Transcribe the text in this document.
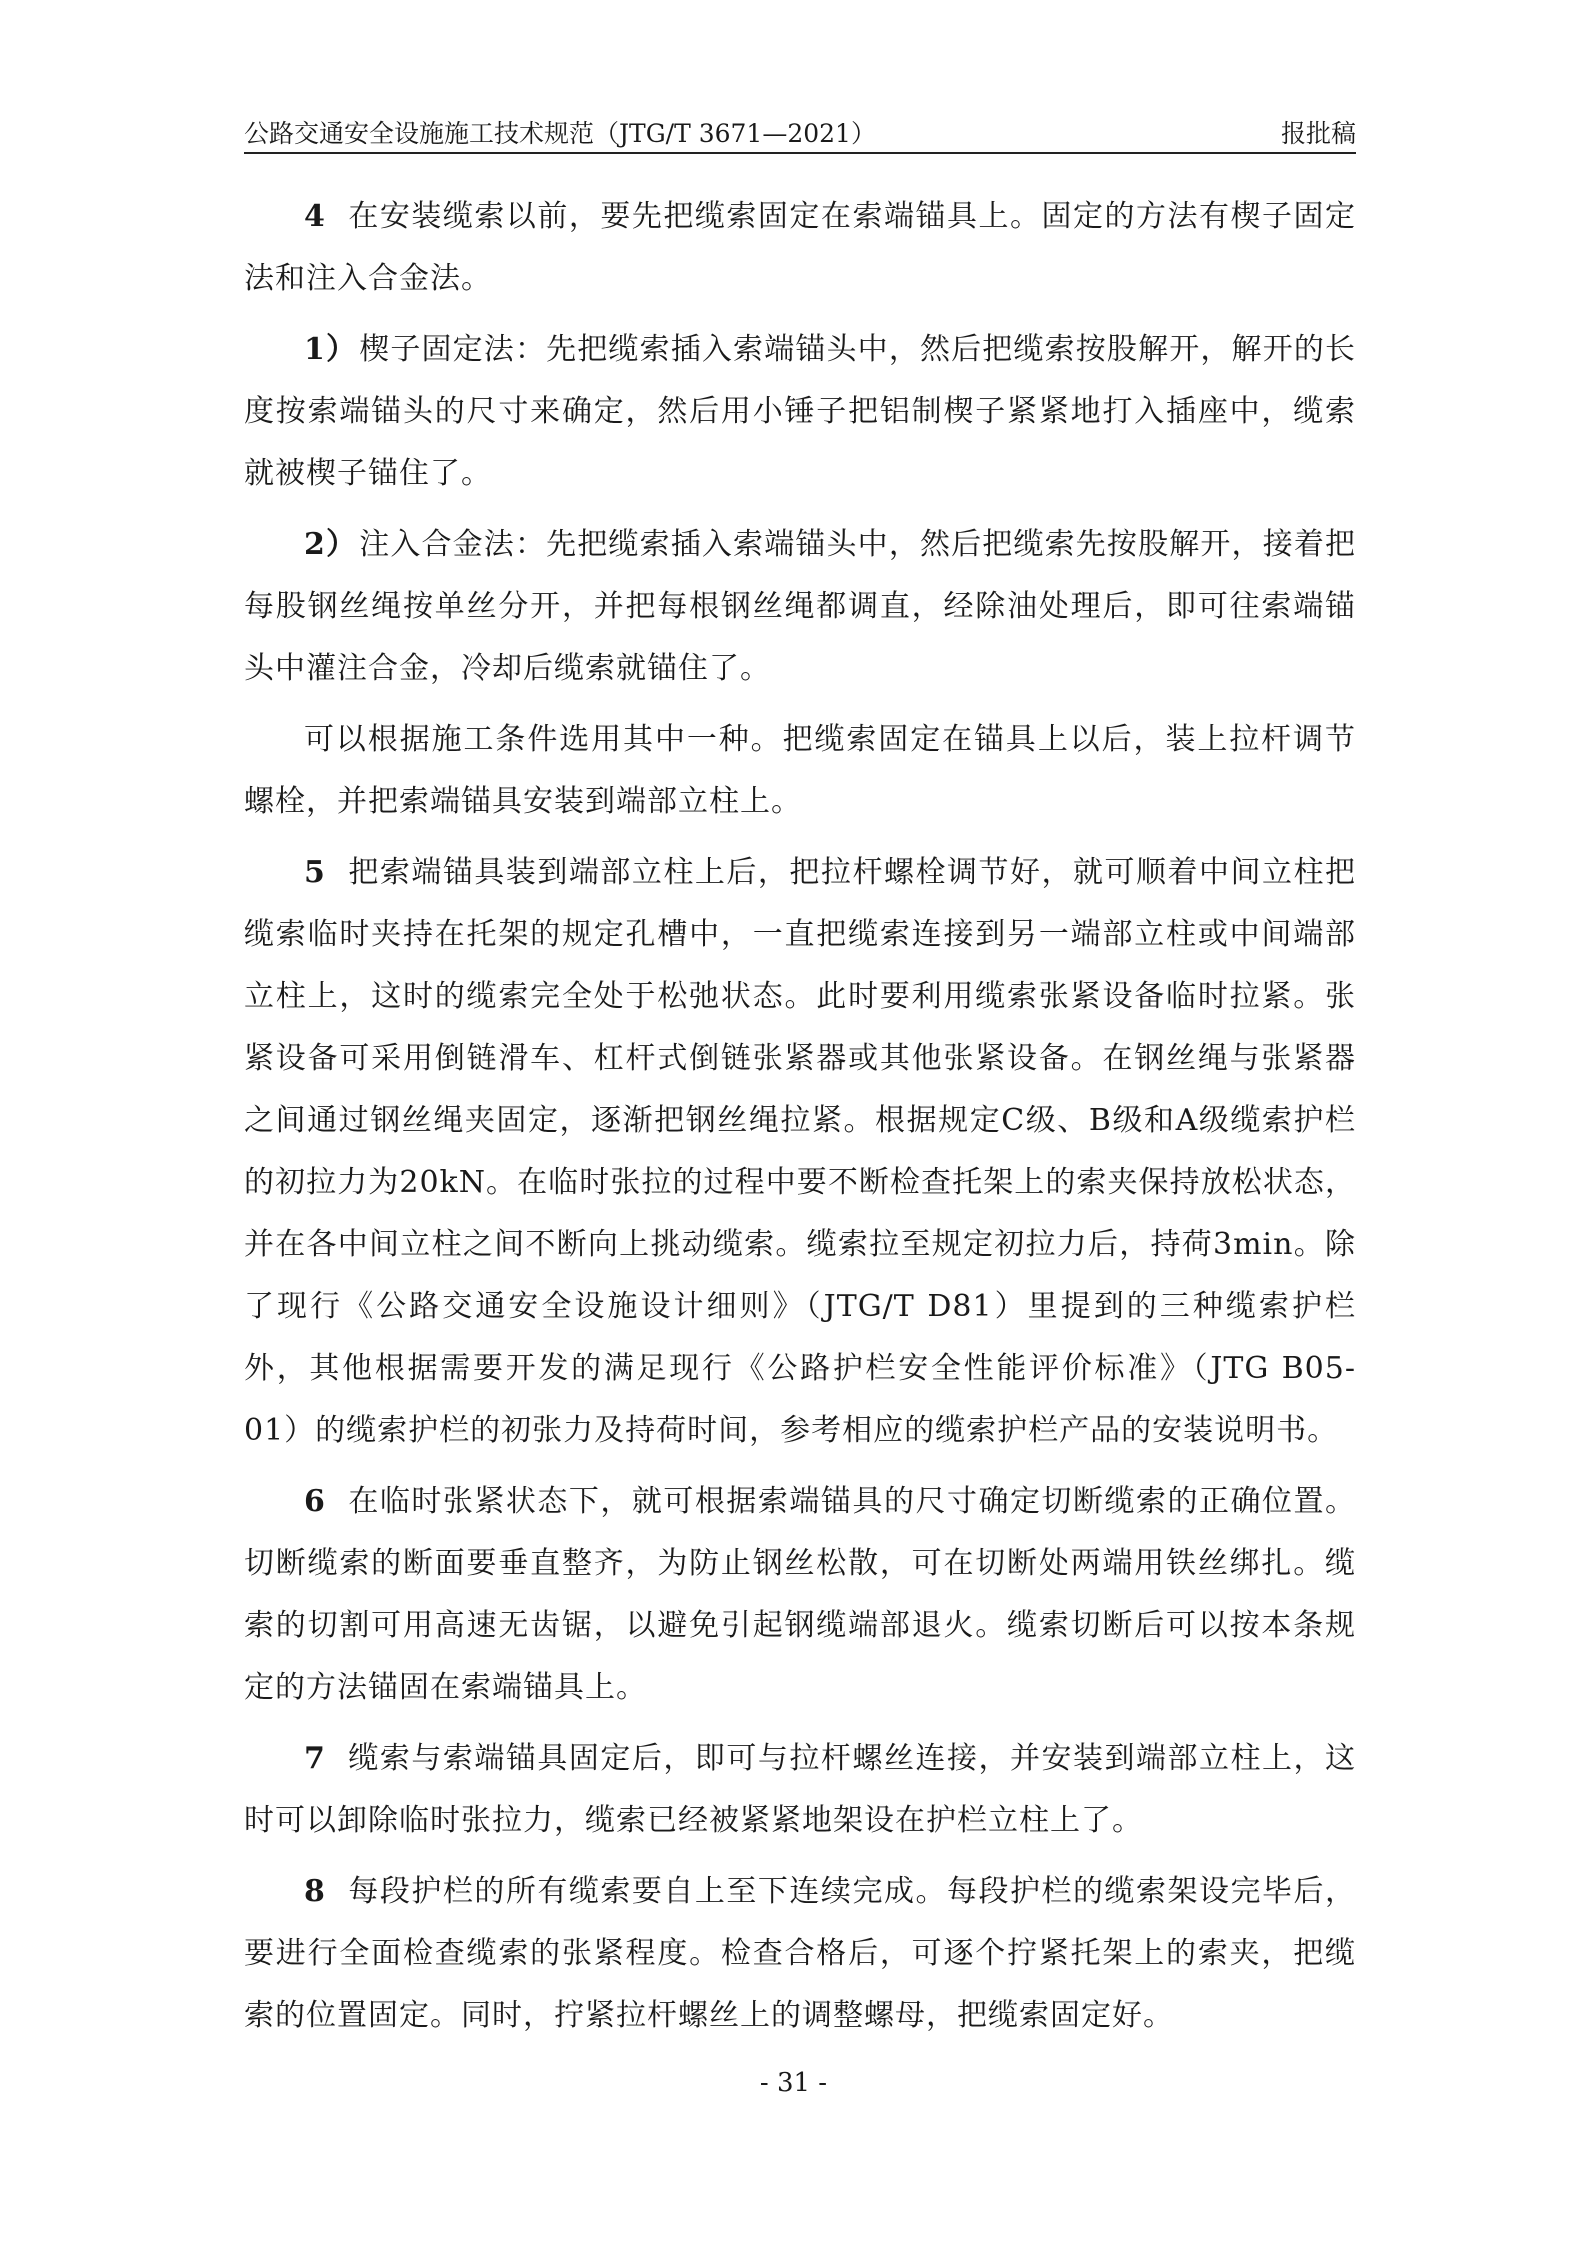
公路交通安全设施施工技术规范（JTG/T 3671—2021）	报批稿

4 在安装缆索以前，要先把缆索固定在索端锚具上。固定的方法有楔子固定法和注入合金法。

1）楔子固定法：先把缆索插入索端锚头中，然后把缆索按股解开，解开的长度按索端锚头的尺寸来确定，然后用小锤子把铝制楔子紧紧地打入插座中，缆索就被楔子锚住了。

2）注入合金法：先把缆索插入索端锚头中，然后把缆索先按股解开，接着把每股钢丝绳按单丝分开，并把每根钢丝绳都调直，经除油处理后，即可往索端锚头中灌注合金，冷却后缆索就锚住了。

可以根据施工条件选用其中一种。把缆索固定在锚具上以后，装上拉杆调节螺栓，并把索端锚具安装到端部立柱上。

5 把索端锚具装到端部立柱上后，把拉杆螺栓调节好，就可顺着中间立柱把缆索临时夹持在托架的规定孔槽中，一直把缆索连接到另一端部立柱或中间端部立柱上，这时的缆索完全处于松弛状态。此时要利用缆索张紧设备临时拉紧。张紧设备可采用倒链滑车、杠杆式倒链张紧器或其他张紧设备。在钢丝绳与张紧器之间通过钢丝绳夹固定，逐渐把钢丝绳拉紧。根据规定C级、B级和A级缆索护栏的初拉力为20kN。在临时张拉的过程中要不断检查托架上的索夹保持放松状态，并在各中间立柱之间不断向上挑动缆索。缆索拉至规定初拉力后，持荷3min。除了现行《公路交通安全设施设计细则》（JTG/T D81）里提到的三种缆索护栏外，其他根据需要开发的满足现行《公路护栏安全性能评价标准》（JTG B05-01）的缆索护栏的初张力及持荷时间，参考相应的缆索护栏产品的安装说明书。

6 在临时张紧状态下，就可根据索端锚具的尺寸确定切断缆索的正确位置。切断缆索的断面要垂直整齐，为防止钢丝松散，可在切断处两端用铁丝绑扎。缆索的切割可用高速无齿锯，以避免引起钢缆端部退火。缆索切断后可以按本条规定的方法锚固在索端锚具上。

7 缆索与索端锚具固定后，即可与拉杆螺丝连接，并安装到端部立柱上，这时可以卸除临时张拉力，缆索已经被紧紧地架设在护栏立柱上了。

8 每段护栏的所有缆索要自上至下连续完成。每段护栏的缆索架设完毕后，要进行全面检查缆索的张紧程度。检查合格后，可逐个拧紧托架上的索夹，把缆索的位置固定。同时，拧紧拉杆螺丝上的调整螺母，把缆索固定好。

- 31 -
